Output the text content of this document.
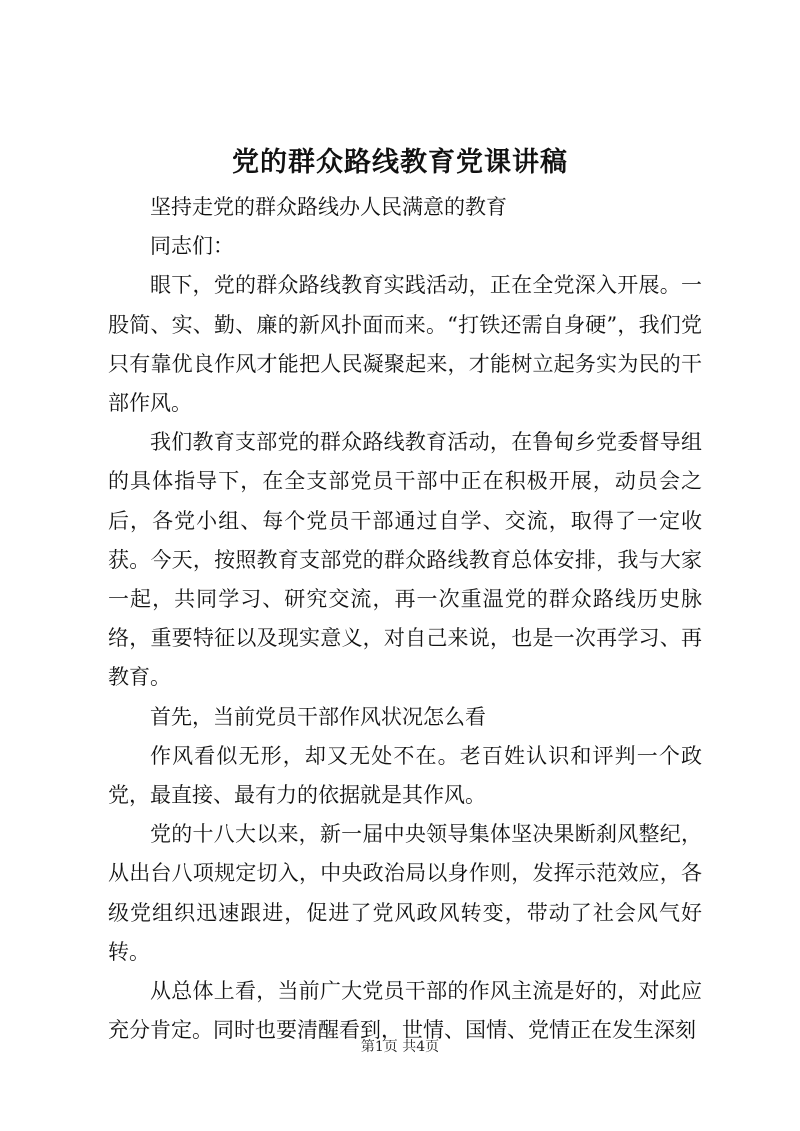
党的群众路线教育党课讲稿

坚持走党的群众路线办人民满意的教育

同志们：

眼下，党的群众路线教育实践活动，正在全党深入开展。一股简、实、勤、廉的新风扑面而来。“打铁还需自身硬”，我们党只有靠优良作风才能把人民凝聚起来，才能树立起务实为民的干部作风。

我们教育支部党的群众路线教育活动，在鲁甸乡党委督导组的具体指导下，在全支部党员干部中正在积极开展，动员会之后，各党小组、每个党员干部通过自学、交流，取得了一定收获。今天，按照教育支部党的群众路线教育总体安排，我与大家一起，共同学习、研究交流，再一次重温党的群众路线历史脉络，重要特征以及现实意义，对自己来说，也是一次再学习、再教育。

首先，当前党员干部作风状况怎么看

作风看似无形，却又无处不在。老百姓认识和评判一个政党，最直接、最有力的依据就是其作风。

党的十八大以来，新一届中央领导集体坚决果断刹风整纪，从出台八项规定切入，中央政治局以身作则，发挥示范效应，各级党组织迅速跟进，促进了党风政风转变，带动了社会风气好转。

从总体上看，当前广大党员干部的作风主流是好的，对此应充分肯定。同时也要清醒看到，世情、国情、党情正在发生深刻

第1页 共4页
